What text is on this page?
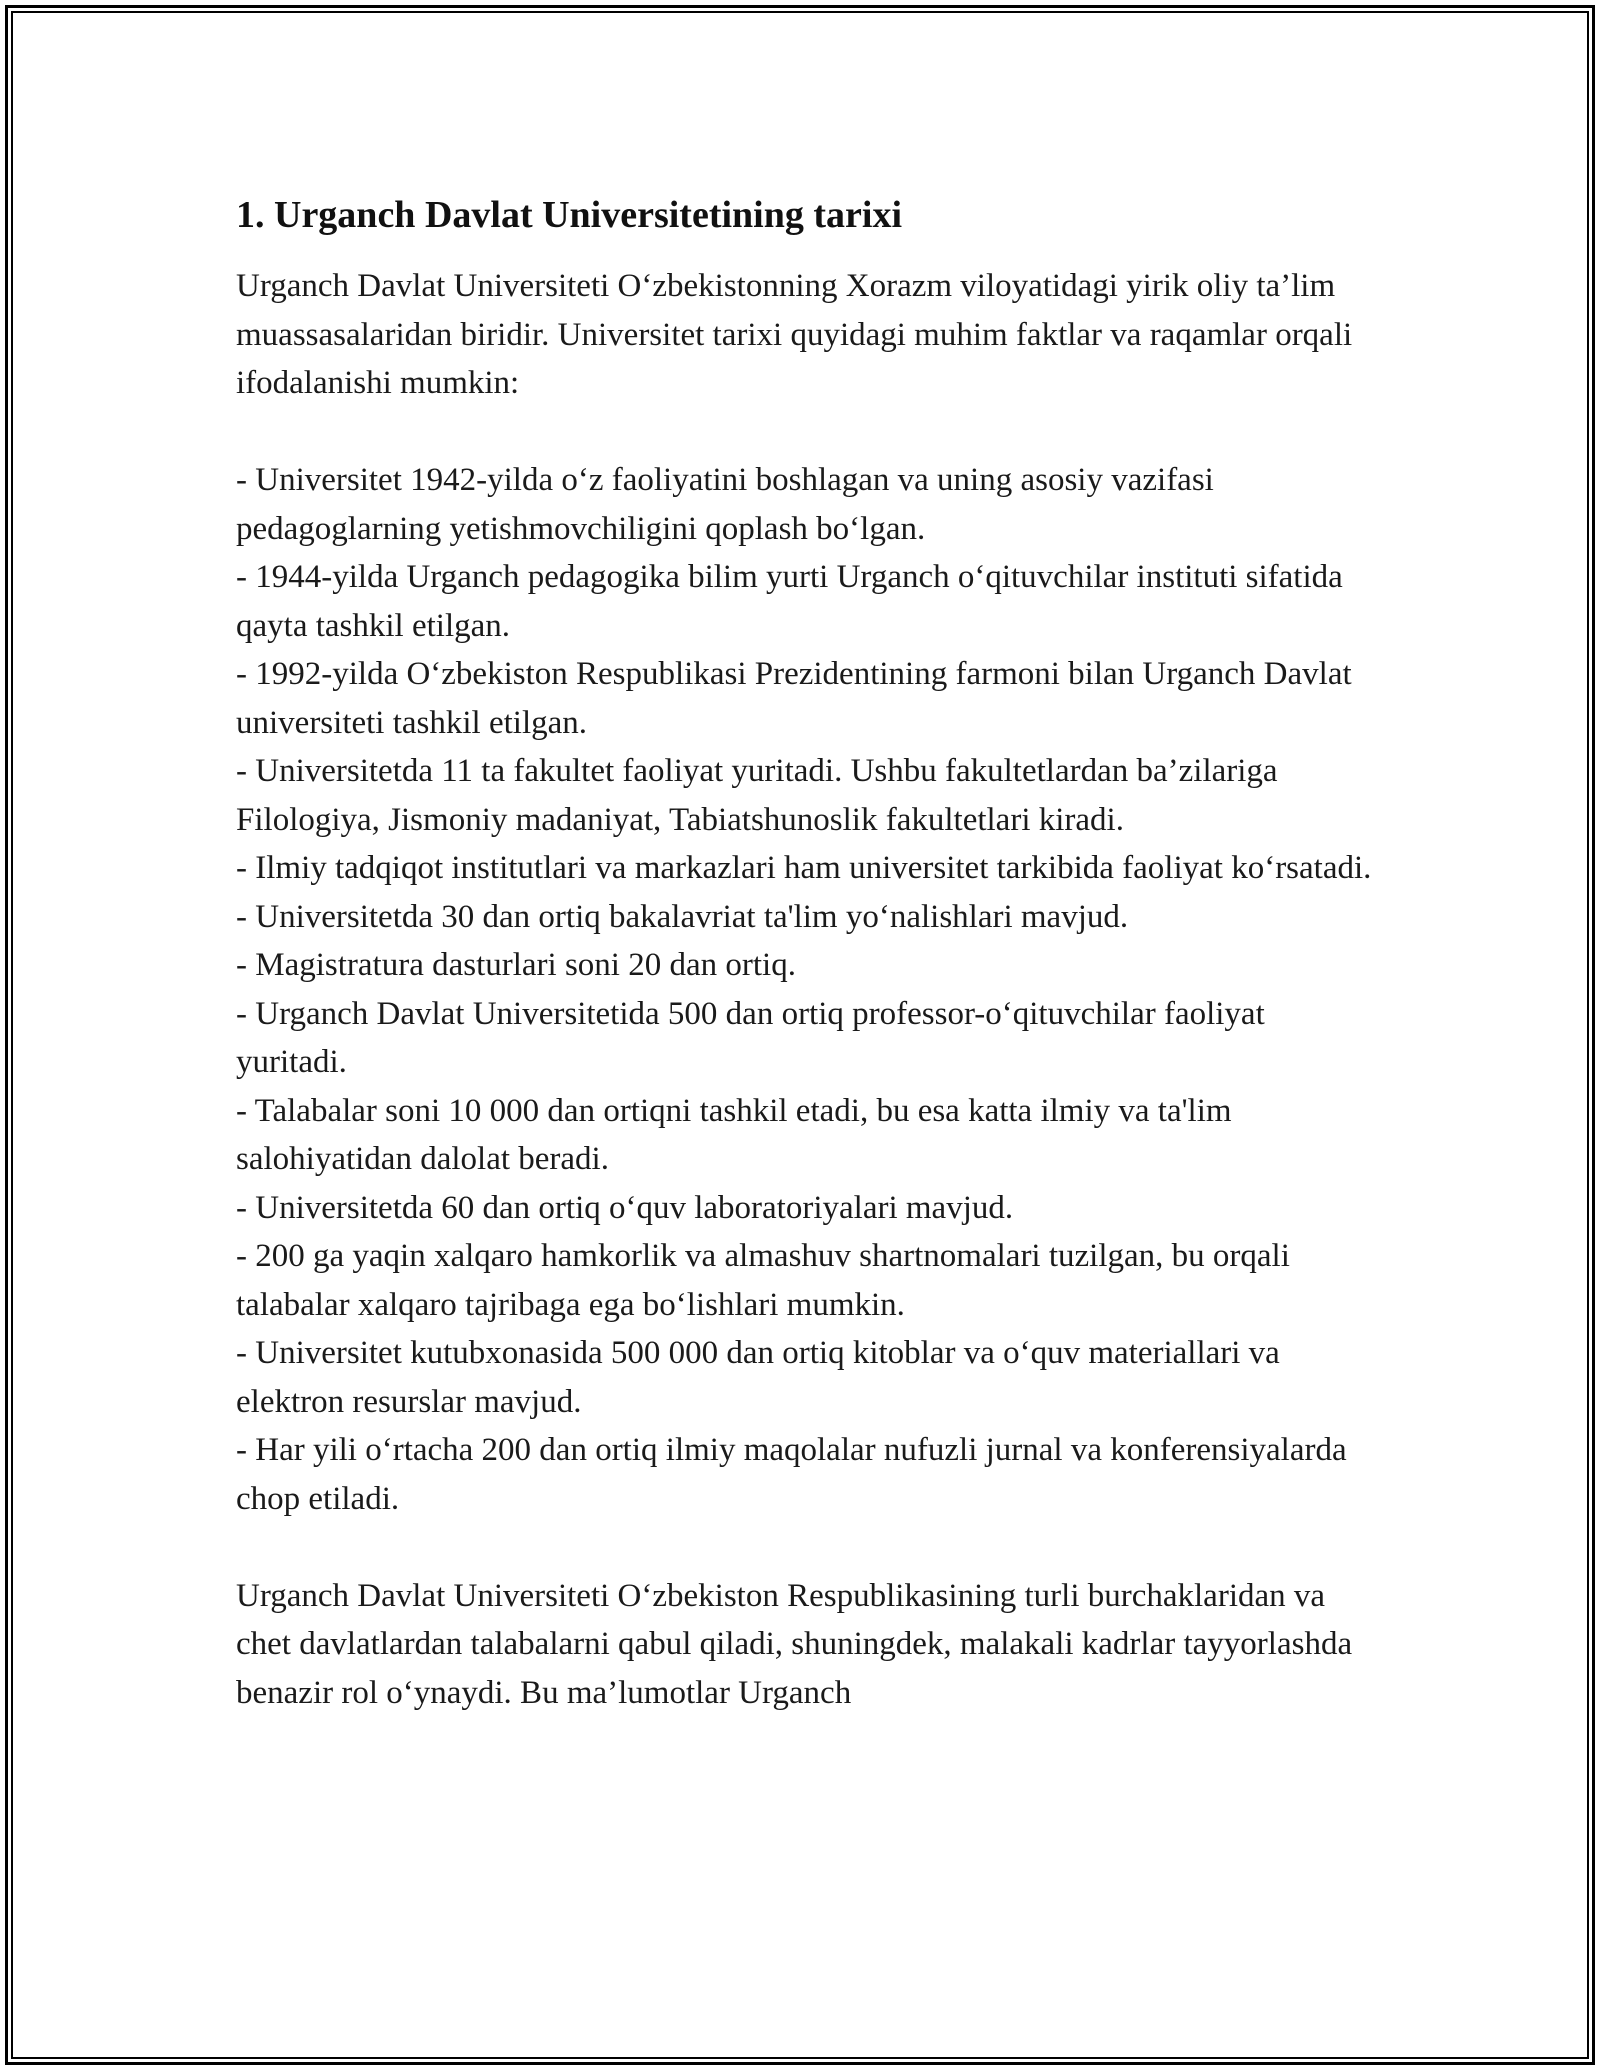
1. Urganch Davlat Universitetining tarixi

Urganch Davlat Universiteti O‘zbekistonning Xorazm viloyatidagi yirik oliy ta’lim muassasalaridan biridir. Universitet tarixi quyidagi muhim faktlar va raqamlar orqali ifodalanishi mumkin:

- Universitet 1942-yilda o‘z faoliyatini boshlagan va uning asosiy vazifasi pedagoglarning yetishmovchiligini qoplash bo‘lgan.

- 1944-yilda Urganch pedagogika bilim yurti Urganch o‘qituvchilar instituti sifatida qayta tashkil etilgan.

- 1992-yilda O‘zbekiston Respublikasi Prezidentining farmoni bilan Urganch Davlat universiteti tashkil etilgan.

- Universitetda 11 ta fakultet faoliyat yuritadi. Ushbu fakultetlardan ba’zilariga Filologiya, Jismoniy madaniyat, Tabiatshunoslik fakultetlari kiradi.

- Ilmiy tadqiqot institutlari va markazlari ham universitet tarkibida faoliyat ko‘rsatadi.

- Universitetda 30 dan ortiq bakalavriat ta'lim yo‘nalishlari mavjud.

- Magistratura dasturlari soni 20 dan ortiq.

- Urganch Davlat Universitetida 500 dan ortiq professor-o‘qituvchilar faoliyat yuritadi.

- Talabalar soni 10 000 dan ortiqni tashkil etadi, bu esa katta ilmiy va ta'lim salohiyatidan dalolat beradi.

- Universitetda 60 dan ortiq o‘quv laboratoriyalari mavjud.

- 200 ga yaqin xalqaro hamkorlik va almashuv shartnomalari tuzilgan, bu orqali talabalar xalqaro tajribaga ega bo‘lishlari mumkin.

- Universitet kutubxonasida 500 000 dan ortiq kitoblar va o‘quv materiallari va elektron resurslar mavjud.

- Har yili o‘rtacha 200 dan ortiq ilmiy maqolalar nufuzli jurnal va konferensiyalarda chop etiladi.

Urganch Davlat Universiteti O‘zbekiston Respublikasining turli burchaklaridan va chet davlatlardan talabalarni qabul qiladi, shuningdek, malakali kadrlar tayyorlashda benazir rol o‘ynaydi. Bu ma’lumotlar Urganch
